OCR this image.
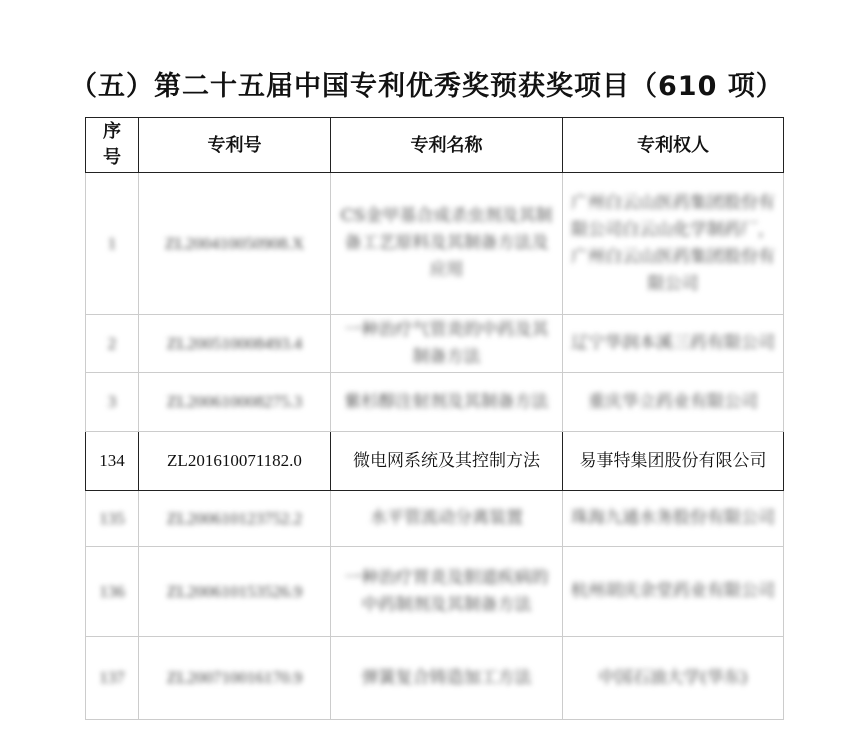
（五）第二十五届中国专利优秀奖预获奖项目（610 项）
序号	专利号	专利名称	专利权人
1	ZL200410050908.X	CS金甲基合成杀虫剂及其制备工艺原料及其制备方法及应用	广州白云山医药集团股份有限公司白云山化学制药厂，广州白云山医药集团股份有限公司
2	ZL200510008493.4	一种治疗气管炎的中药及其制备方法	辽宁华润本溪三药有限公司
3	ZL200610008275.3	紫杉醇注射剂及其制备方法	重庆华立药业有限公司
134	ZL201610071182.0	微电网系统及其控制方法	易事特集团股份有限公司
135	ZL200610123752.2	水平管流动分离装置	珠海九通水务股份有限公司
136	ZL200610153526.9	一种治疗胃炎及胆道疾病的中药制剂及其制备方法	杭州胡庆余堂药业有限公司
137	ZL200710016170.9	弹簧复合铸造加工方法	中国石油大学(华东)
